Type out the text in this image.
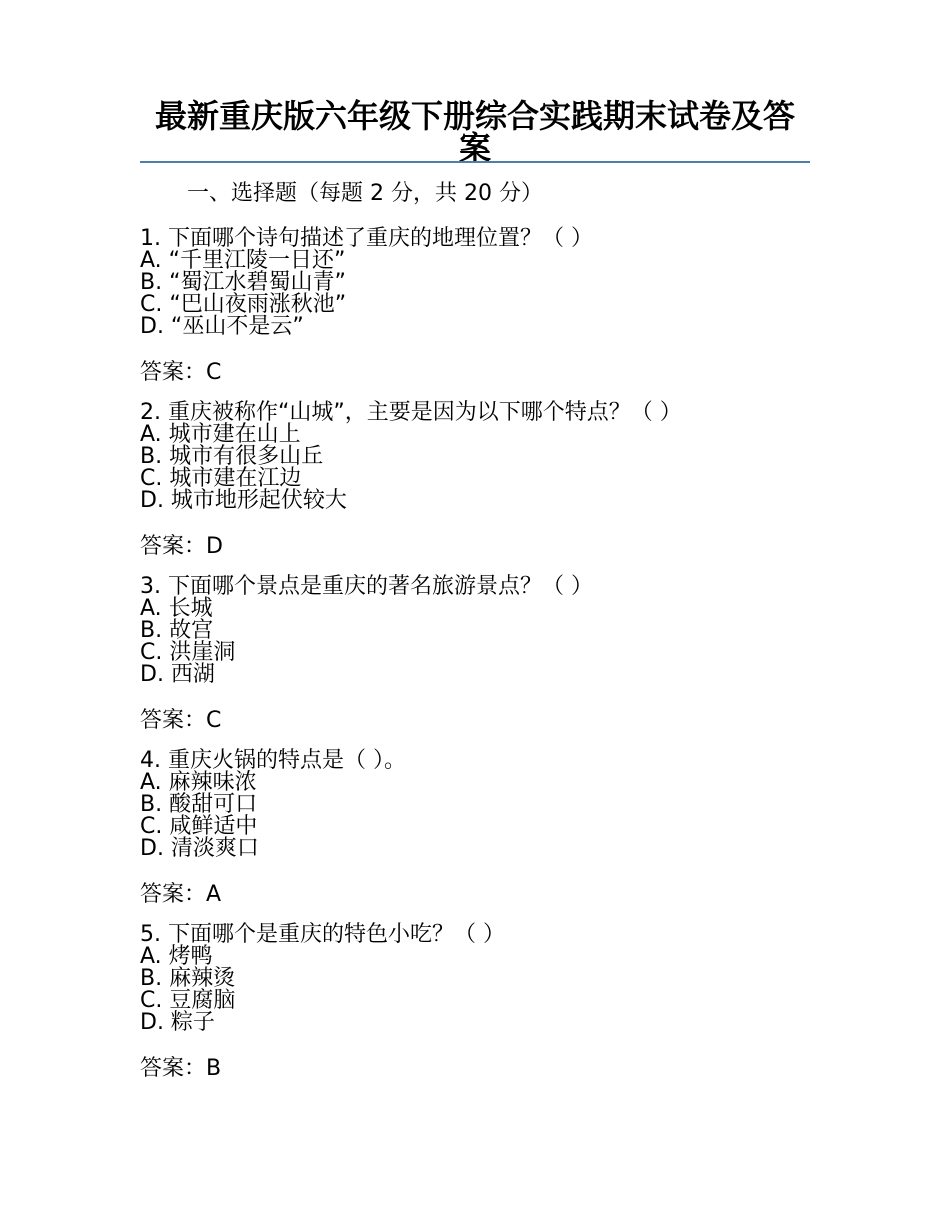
最新重庆版六年级下册综合实践期末试卷及答案
一、选择题（每题 2 分，共 20 分）
1. 下面哪个诗句描述了重庆的地理位置？（ ）
A. “千里江陵一日还”
B. “蜀江水碧蜀山青”
C. “巴山夜雨涨秋池”
D. “巫山不是云”
答案：C
2. 重庆被称作“山城”，主要是因为以下哪个特点？（ ）
A. 城市建在山上
B. 城市有很多山丘
C. 城市建在江边
D. 城市地形起伏较大
答案：D
3. 下面哪个景点是重庆的著名旅游景点？（ ）
A. 长城
B. 故宫
C. 洪崖洞
D. 西湖
答案：C
4. 重庆火锅的特点是（ ）。
A. 麻辣味浓
B. 酸甜可口
C. 咸鲜适中
D. 清淡爽口
答案：A
5. 下面哪个是重庆的特色小吃？（ ）
A. 烤鸭
B. 麻辣烫
C. 豆腐脑
D. 粽子
答案：B
